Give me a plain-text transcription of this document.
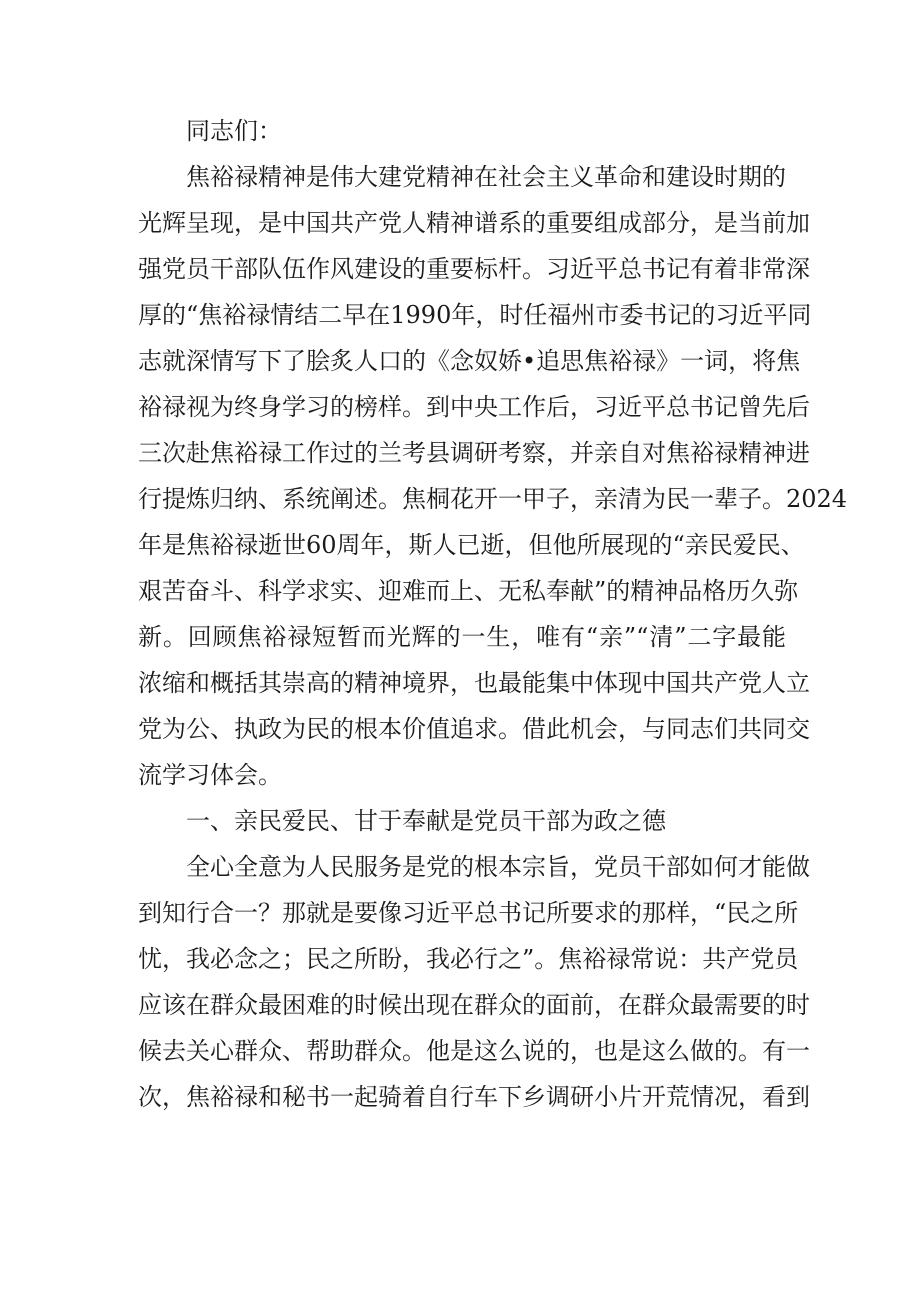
同志们：

焦裕禄精神是伟大建党精神在社会主义革命和建设时期的

光辉呈现，是中国共产党人精神谱系的重要组成部分，是当前加

强党员干部队伍作风建设的重要标杆。习近平总书记有着非常深

厚的“焦裕禄情结二早在1990年，时任福州市委书记的习近平同

志就深情写下了脍炙人口的《念奴娇•追思焦裕禄》一词，将焦

裕禄视为终身学习的榜样。到中央工作后，习近平总书记曾先后

三次赴焦裕禄工作过的兰考县调研考察，并亲自对焦裕禄精神进

行提炼归纳、系统阐述。焦桐花开一甲子，亲清为民一辈子。2024

年是焦裕禄逝世60周年，斯人已逝，但他所展现的“亲民爱民、

艰苦奋斗、科学求实、迎难而上、无私奉献”的精神品格历久弥

新。回顾焦裕禄短暂而光辉的一生，唯有“亲”“清”二字最能

浓缩和概括其崇高的精神境界，也最能集中体现中国共产党人立

党为公、执政为民的根本价值追求。借此机会，与同志们共同交

流学习体会。

一、亲民爱民、甘于奉献是党员干部为政之德

全心全意为人民服务是党的根本宗旨，党员干部如何才能做

到知行合一？那就是要像习近平总书记所要求的那样，“民之所

忧，我必念之；民之所盼，我必行之”。焦裕禄常说：共产党员

应该在群众最困难的时候出现在群众的面前，在群众最需要的时

候去关心群众、帮助群众。他是这么说的，也是这么做的。有一

次，焦裕禄和秘书一起骑着自行车下乡调研小片开荒情况，看到
